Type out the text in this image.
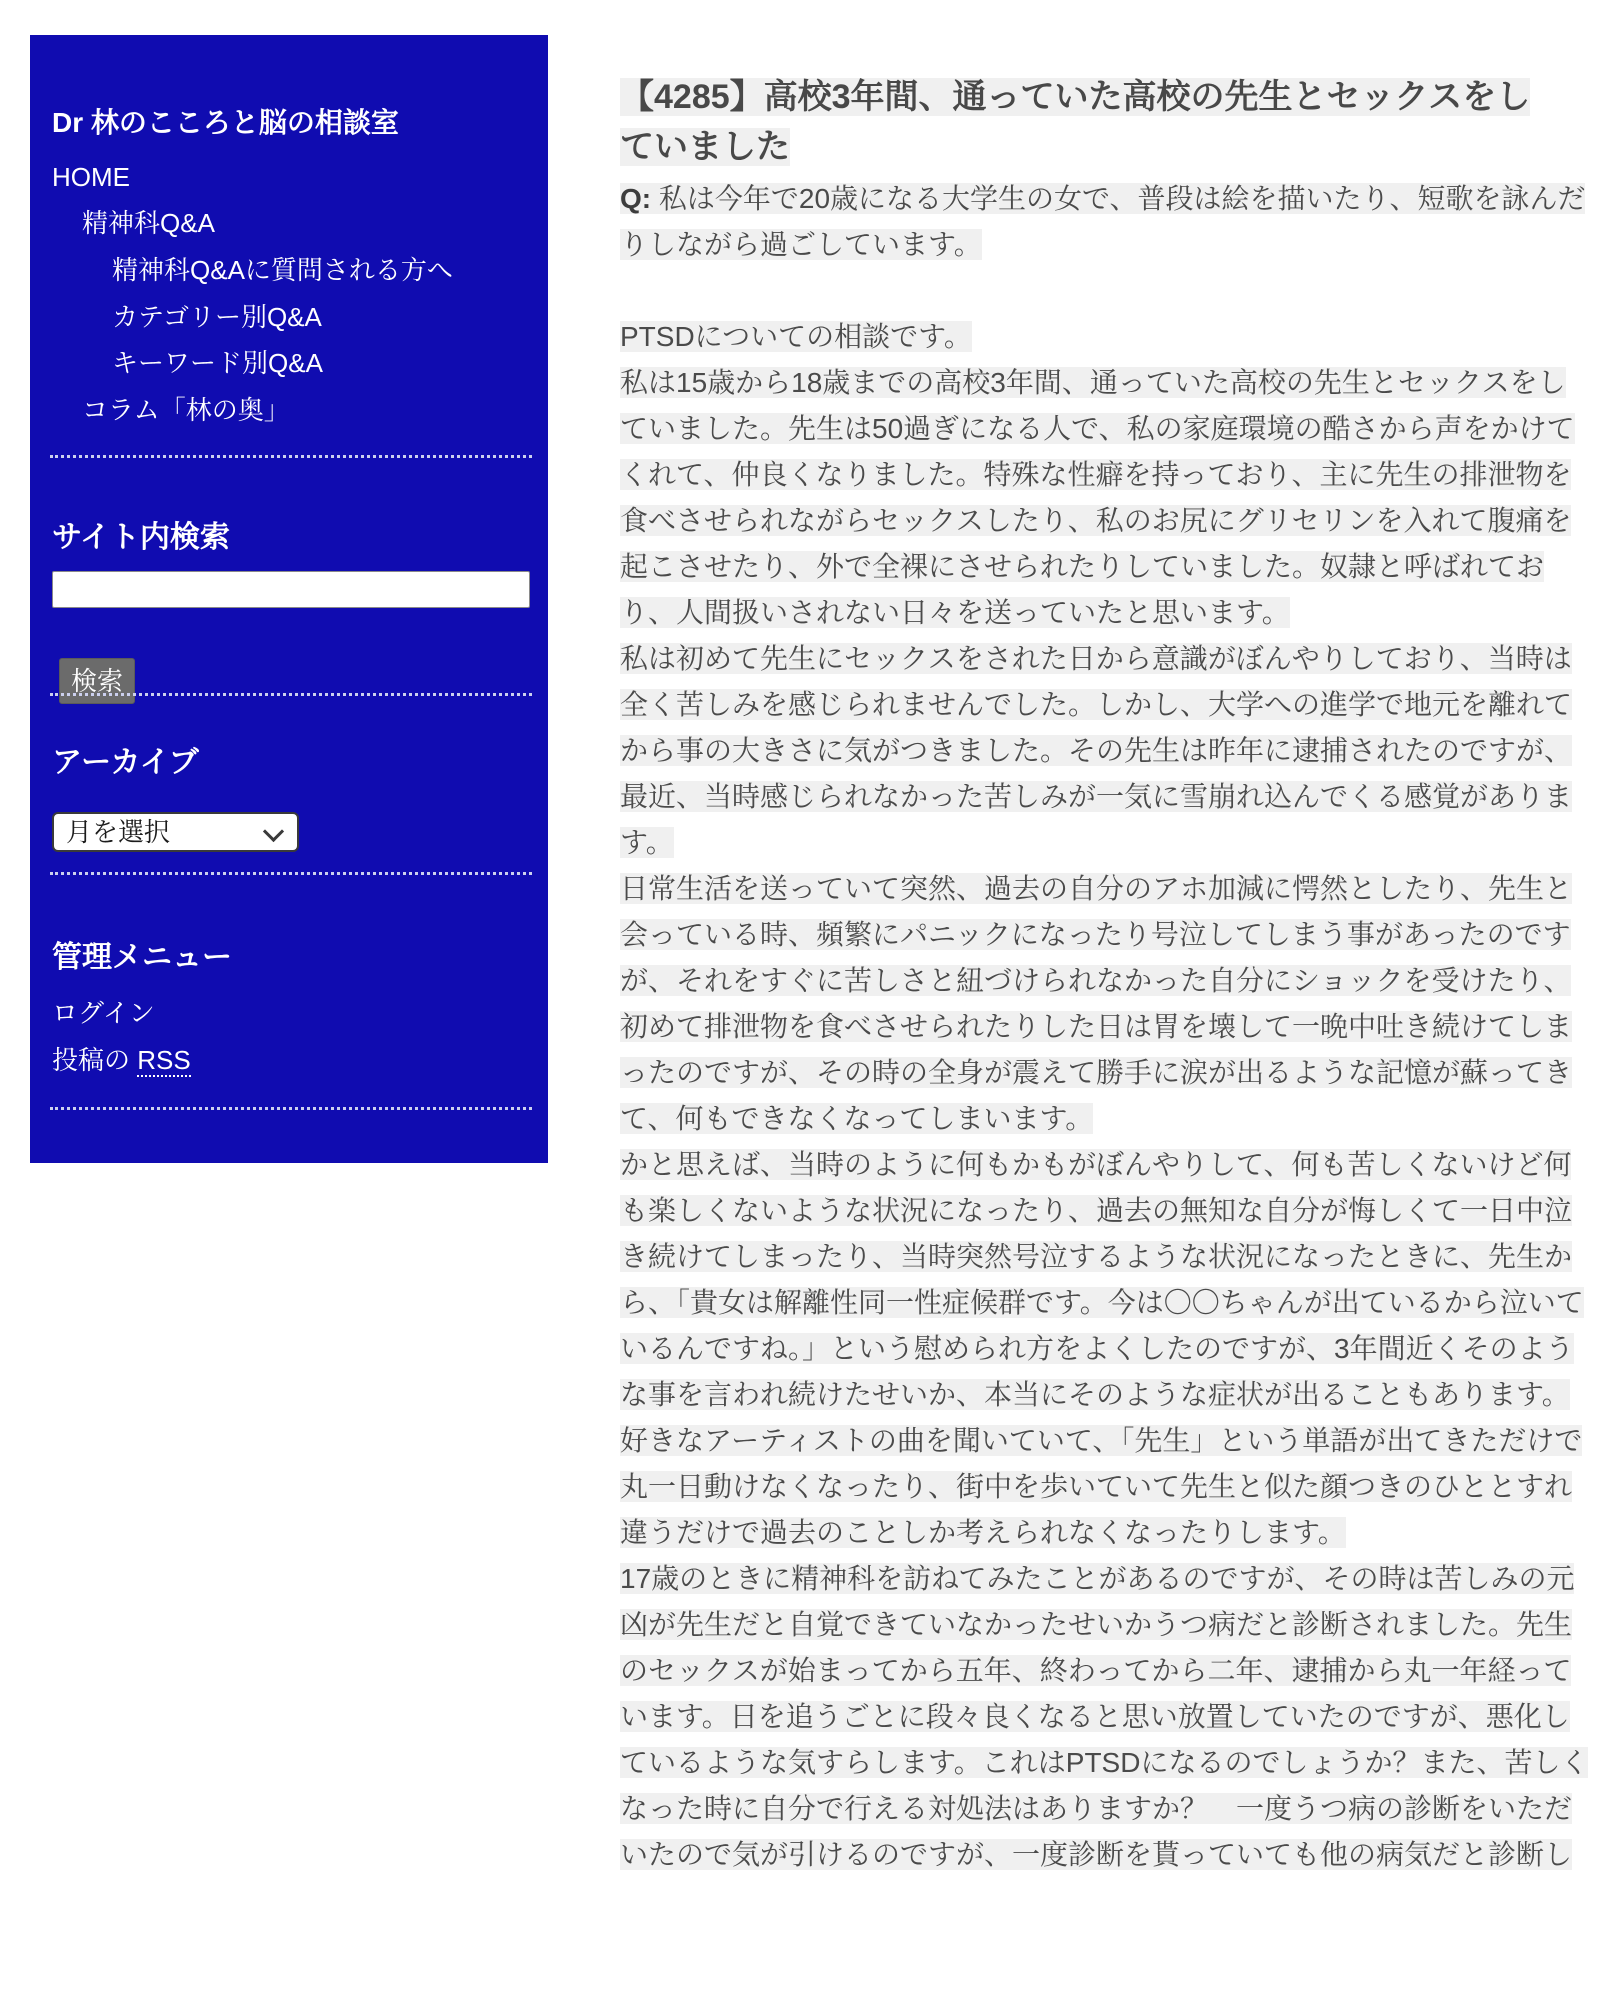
Dr 林のこころと脳の相談室
HOME
精神科Q&A
精神科Q&Aに質問される方へ
カテゴリー別Q&A
キーワード別Q&A
コラム「林の奥」
サイト内検索
検索
アーカイブ
月を選択
管理メニュー
ログイン
投稿の RSS
【4285】高校3年間、通っていた高校の先生とセックスをし
ていました
Q: 私は今年で20歳になる大学生の女で、普段は絵を描いたり、短歌を詠んだ
りしながら過ごしています。
PTSDについての相談です。
私は15歳から18歳までの高校3年間、通っていた高校の先生とセックスをし
ていました。先生は50過ぎになる人で、私の家庭環境の酷さから声をかけて
くれて、仲良くなりました。特殊な性癖を持っており、主に先生の排泄物を
食べさせられながらセックスしたり、私のお尻にグリセリンを入れて腹痛を
起こさせたり、外で全裸にさせられたりしていました。奴隷と呼ばれてお
り、人間扱いされない日々を送っていたと思います。
私は初めて先生にセックスをされた日から意識がぼんやりしており、当時は
全く苦しみを感じられませんでした。しかし、大学への進学で地元を離れて
から事の大きさに気がつきました。その先生は昨年に逮捕されたのですが、
最近、当時感じられなかった苦しみが一気に雪崩れ込んでくる感覚がありま
す。
日常生活を送っていて突然、過去の自分のアホ加減に愕然としたり、先生と
会っている時、頻繁にパニックになったり号泣してしまう事があったのです
が、それをすぐに苦しさと紐づけられなかった自分にショックを受けたり、
初めて排泄物を食べさせられたりした日は胃を壊して一晩中吐き続けてしま
ったのですが、その時の全身が震えて勝手に涙が出るような記憶が蘇ってき
て、何もできなくなってしまいます。
かと思えば、当時のように何もかもがぼんやりして、何も苦しくないけど何
も楽しくないような状況になったり、過去の無知な自分が悔しくて一日中泣
き続けてしまったり、当時突然号泣するような状況になったときに、先生か
ら、「貴女は解離性同一性症候群です。今は〇〇ちゃんが出ているから泣いて
いるんですね。」という慰められ方をよくしたのですが、3年間近くそのよう
な事を言われ続けたせいか、本当にそのような症状が出ることもあります。
好きなアーティストの曲を聞いていて、「先生」という単語が出てきただけで
丸一日動けなくなったり、街中を歩いていて先生と似た顔つきのひととすれ
違うだけで過去のことしか考えられなくなったりします。
17歳のときに精神科を訪ねてみたことがあるのですが、その時は苦しみの元
凶が先生だと自覚できていなかったせいかうつ病だと診断されました。先生
のセックスが始まってから五年、終わってから二年、逮捕から丸一年経って
います。日を追うごとに段々良くなると思い放置していたのですが、悪化し
ているような気すらします。これはPTSDになるのでしょうか？また、苦しく
なった時に自分で行える対処法はありますか？　一度うつ病の診断をいただ
いたので気が引けるのですが、一度診断を貰っていても他の病気だと診断し
